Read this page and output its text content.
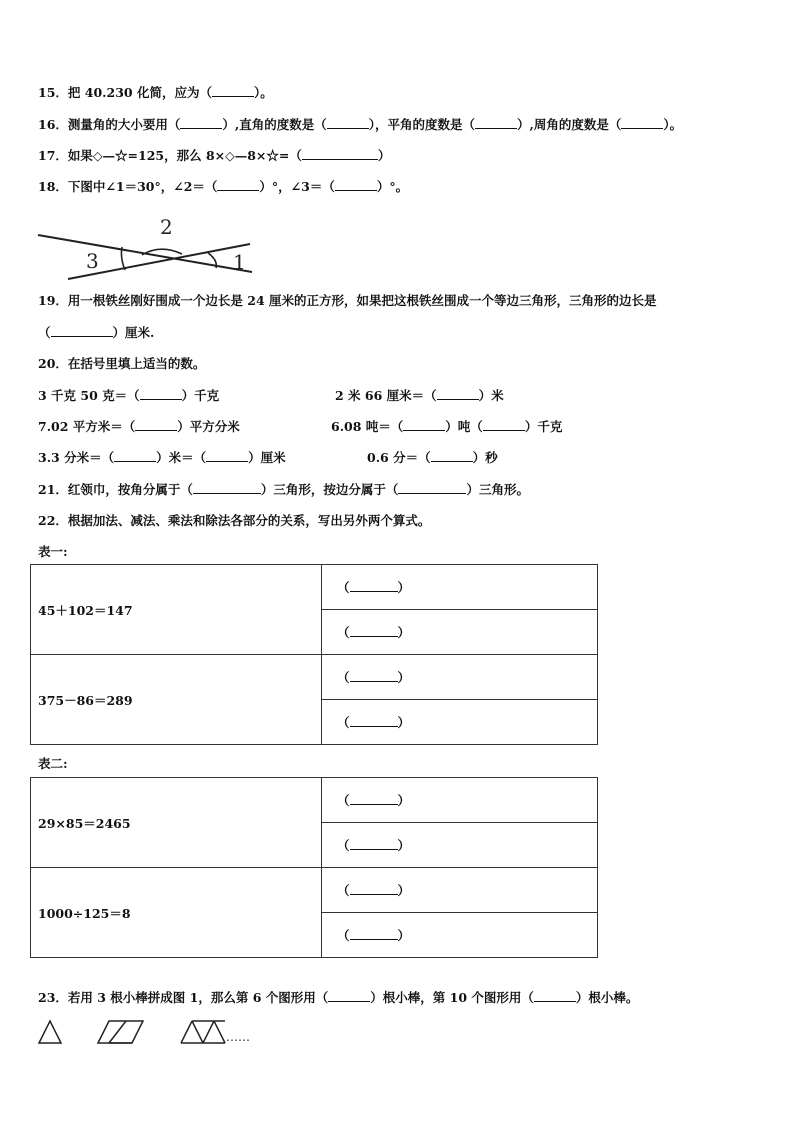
15．把 40.230 化简，应为（	）。
16．测量角的大小要用（	）,直角的度数是（	），平角的度数是（	）,周角的度数是（	）。
17．如果◇—☆=125，那么 8×◇—8×☆=（	）
18．下图中∠1＝30°，∠2＝（	）°，∠3＝（	）°。
2
3	1
19．用一根铁丝刚好围成一个边长是 24 厘米的正方形，如果把这根铁丝围成一个等边三角形，三角形的边长是
（	）厘米.
20．在括号里填上适当的数。
3 千克 50 克＝（	）千克	2 米 66 厘米＝（	）米
7.02 平方米＝（	）平方分米	6.08 吨＝（	）吨（	）千克
3.3 分米＝（	）米＝（	）厘米	0.6 分＝（	）秒
21．红领巾，按角分属于（	）三角形，按边分属于（	）三角形。
22．根据加法、减法、乘法和除法各部分的关系，写出另外两个算式。
表一:
45＋102＝147	（ ）
	（ ）
375－86＝289	（ ）
	（ ）
表二:
29×85＝2465	（ ）
	（ ）
1000÷125＝8	（ ）
	（ ）
23．若用 3 根小棒拼成图 1，那么第 6 个图形用（	）根小棒，第 10 个图形用（	）根小棒。
……
